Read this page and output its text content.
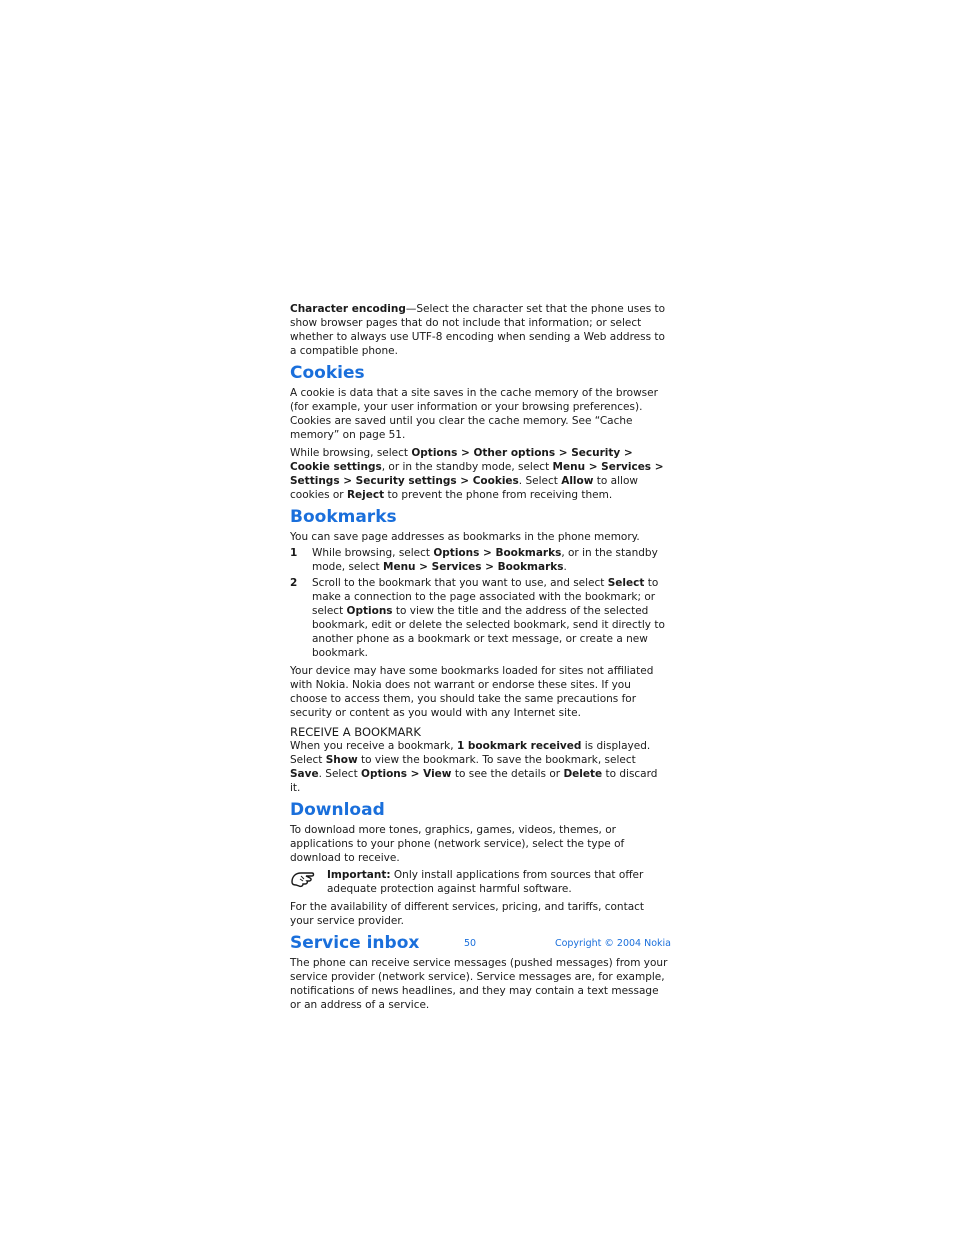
Character encoding—Select the character set that the phone uses to show browser pages that do not include that information; or select whether to always use UTF-8 encoding when sending a Web address to a compatible phone.

Cookies

A cookie is data that a site saves in the cache memory of the browser (for example, your user information or your browsing preferences). Cookies are saved until you clear the cache memory. See “Cache memory” on page 51.

While browsing, select Options > Other options > Security > Cookie settings, or in the standby mode, select Menu > Services > Settings > Security settings > Cookies. Select Allow to allow cookies or Reject to prevent the phone from receiving them.

Bookmarks

You can save page addresses as bookmarks in the phone memory.

1	While browsing, select Options > Bookmarks, or in the standby mode, select Menu > Services > Bookmarks.
2	Scroll to the bookmark that you want to use, and select Select to make a connection to the page associated with the bookmark; or select Options to view the title and the address of the selected bookmark, edit or delete the selected bookmark, send it directly to another phone as a bookmark or text message, or create a new bookmark.

Your device may have some bookmarks loaded for sites not affiliated with Nokia. Nokia does not warrant or endorse these sites. If you choose to access them, you should take the same precautions for security or content as you would with any Internet site.

RECEIVE A BOOKMARK

When you receive a bookmark, 1 bookmark received is displayed. Select Show to view the bookmark. To save the bookmark, select Save. Select Options > View to see the details or Delete to discard it.

Download

To download more tones, graphics, games, videos, themes, or applications to your phone (network service), select the type of download to receive.

Important: Only install applications from sources that offer adequate protection against harmful software.

For the availability of different services, pricing, and tariffs, contact your service provider.

Service inbox

The phone can receive service messages (pushed messages) from your service provider (network service). Service messages are, for example, notifications of news headlines, and they may contain a text message or an address of a service.

50	Copyright © 2004 Nokia
